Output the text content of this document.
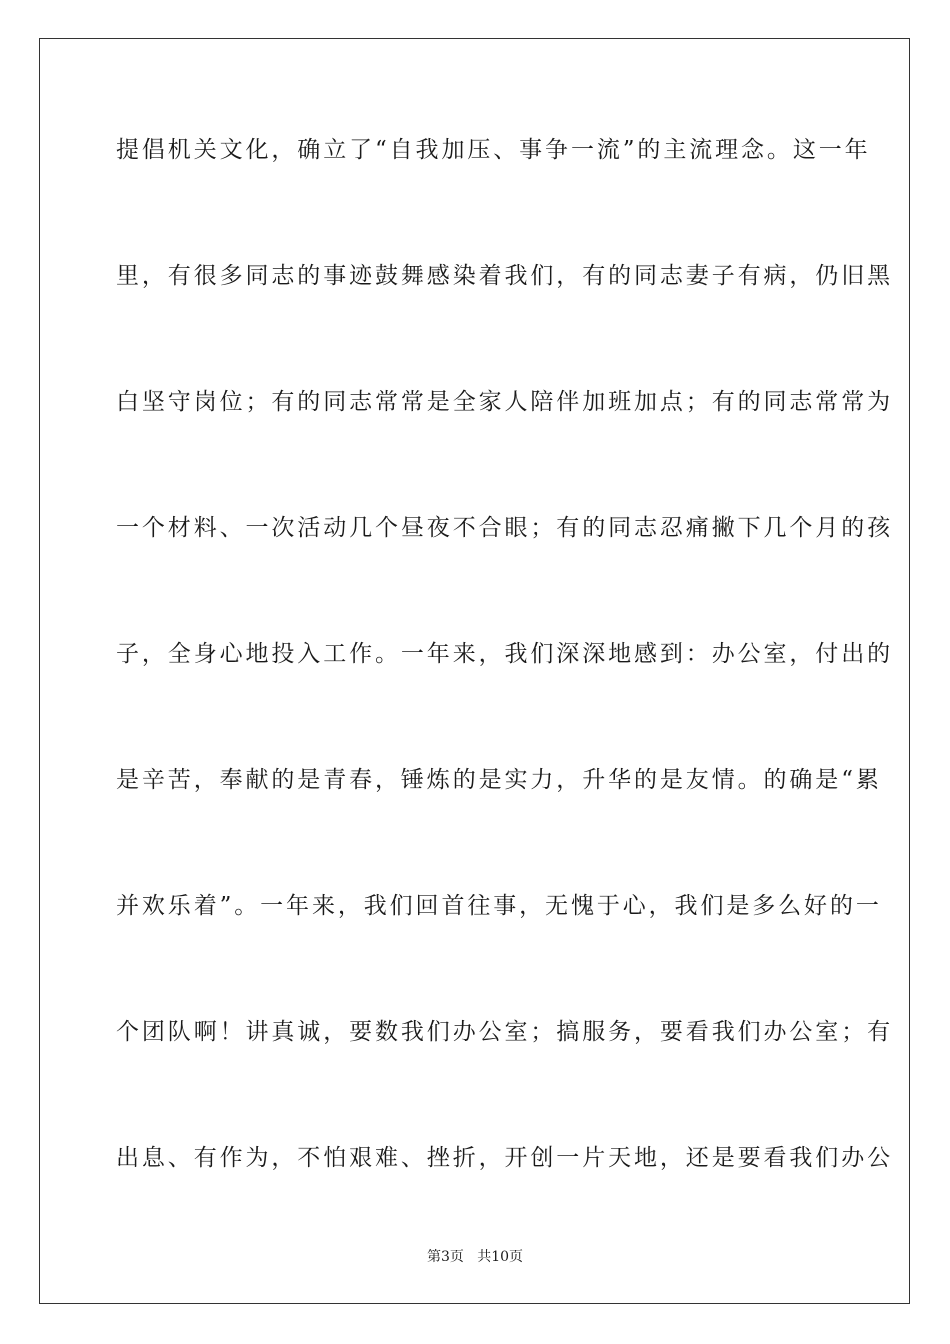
提倡机关文化，确立了“自我加压、事争一流”的主流理念。这一年
里，有很多同志的事迹鼓舞感染着我们，有的同志妻子有病，仍旧黑
白坚守岗位；有的同志常常是全家人陪伴加班加点；有的同志常常为
一个材料、一次活动几个昼夜不合眼；有的同志忍痛撇下几个月的孩
子，全身心地投入工作。一年来，我们深深地感到：办公室，付出的
是辛苦，奉献的是青春，锤炼的是实力，升华的是友情。的确是“累
并欢乐着”。一年来，我们回首往事，无愧于心，我们是多么好的一
个团队啊！讲真诚，要数我们办公室；搞服务，要看我们办公室；有
出息、有作为，不怕艰难、挫折，开创一片天地，还是要看我们办公
第3页   共10页
